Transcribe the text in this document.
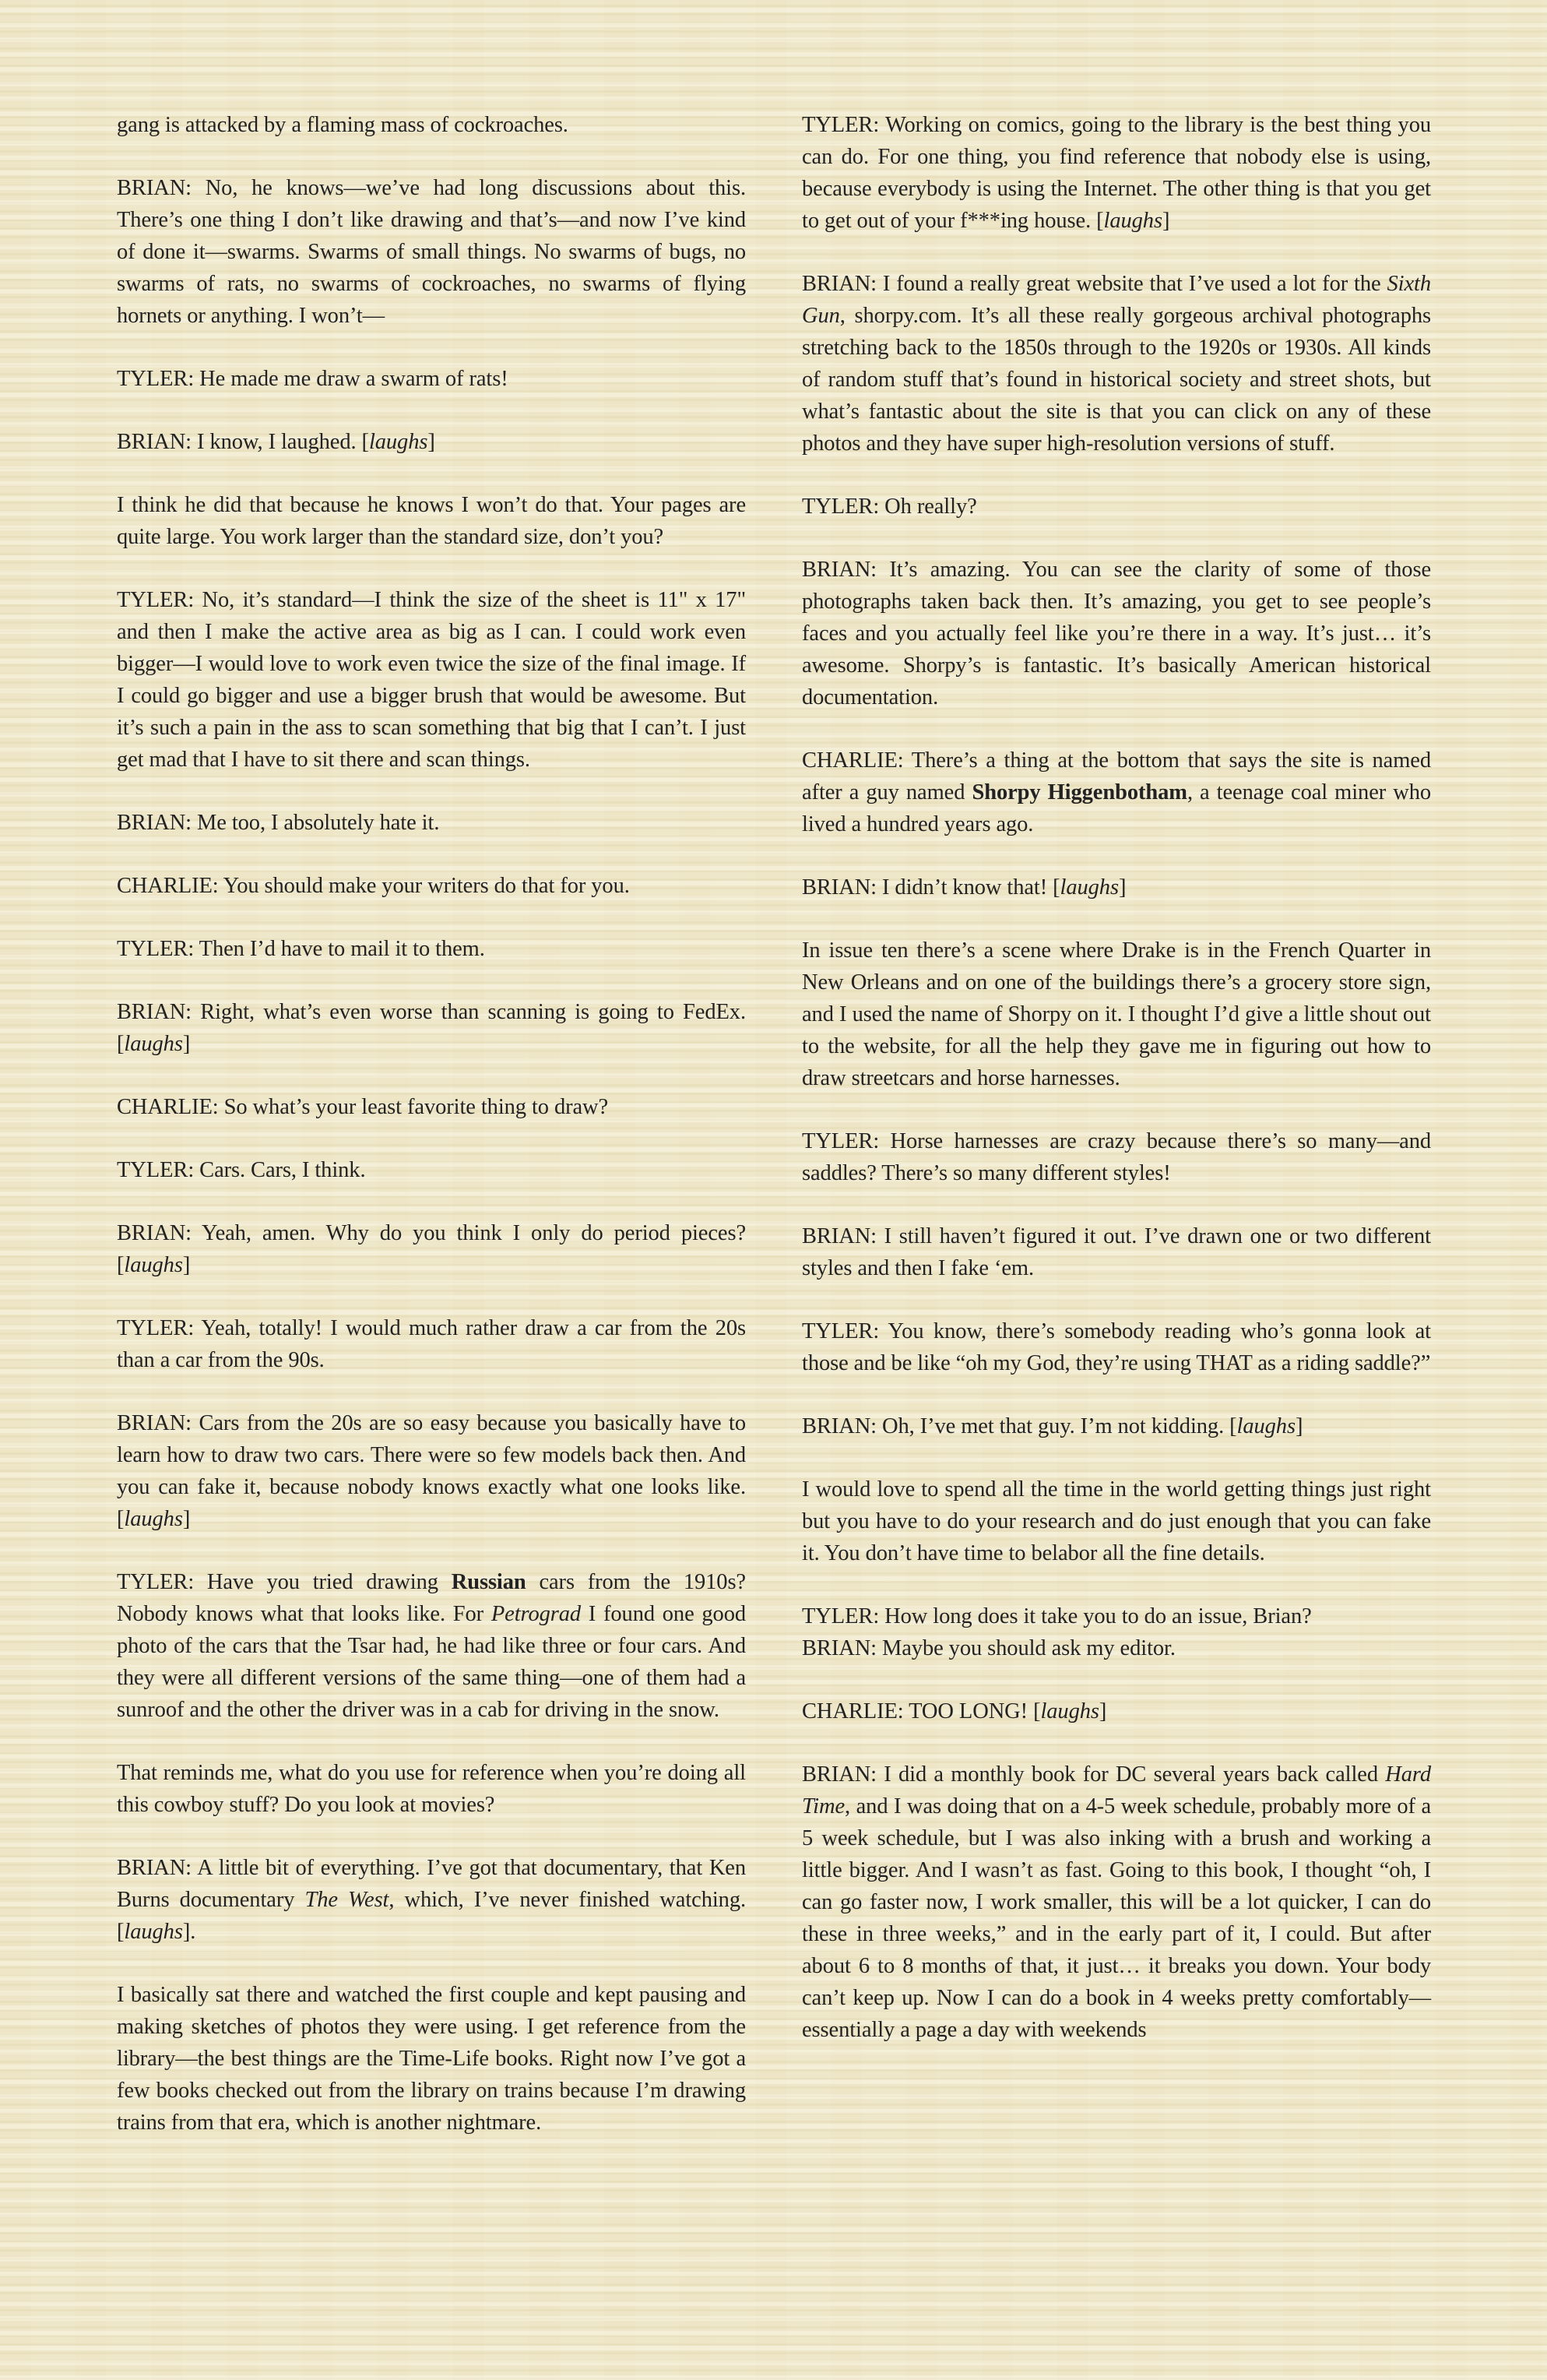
gang is attacked by a flaming mass of cockroaches.

BRIAN: No, he knows—we’ve had long discussions about this. There’s one thing I don’t like drawing and that’s—and now I’ve kind of done it—swarms. Swarms of small things. No swarms of bugs, no swarms of rats, no swarms of cockroaches, no swarms of flying hornets or anything. I won’t—

TYLER: He made me draw a swarm of rats!

BRIAN: I know, I laughed. [laughs]

I think he did that because he knows I won’t do that. Your pages are quite large. You work larger than the standard size, don’t you?

TYLER: No, it’s standard—I think the size of the sheet is 11" x 17" and then I make the active area as big as I can. I could work even bigger—I would love to work even twice the size of the final image. If I could go bigger and use a bigger brush that would be awesome. But it’s such a pain in the ass to scan something that big that I can’t. I just get mad that I have to sit there and scan things.

BRIAN: Me too, I absolutely hate it.

CHARLIE: You should make your writers do that for you.

TYLER: Then I’d have to mail it to them.

BRIAN: Right, what’s even worse than scanning is going to FedEx. [laughs]

CHARLIE: So what’s your least favorite thing to draw?

TYLER: Cars. Cars, I think.

BRIAN: Yeah, amen. Why do you think I only do period pieces? [laughs]

TYLER: Yeah, totally! I would much rather draw a car from the 20s than a car from the 90s.

BRIAN: Cars from the 20s are so easy because you basically have to learn how to draw two cars. There were so few models back then. And you can fake it, because nobody knows exactly what one looks like. [laughs]

TYLER: Have you tried drawing Russian cars from the 1910s? Nobody knows what that looks like. For Petrograd I found one good photo of the cars that the Tsar had, he had like three or four cars. And they were all different versions of the same thing—one of them had a sunroof and the other the driver was in a cab for driving in the snow.

That reminds me, what do you use for reference when you’re doing all this cowboy stuff? Do you look at movies?

BRIAN: A little bit of everything. I’ve got that documentary, that Ken Burns documentary The West, which, I’ve never finished watching. [laughs].

I basically sat there and watched the first couple and kept pausing and making sketches of photos they were using. I get reference from the library—the best things are the Time-Life books. Right now I’ve got a few books checked out from the library on trains because I’m drawing trains from that era, which is another nightmare.

TYLER: Working on comics, going to the library is the best thing you can do. For one thing, you find reference that nobody else is using, because everybody is using the Internet. The other thing is that you get to get out of your f***ing house. [laughs]

BRIAN: I found a really great website that I’ve used a lot for the Sixth Gun, shorpy.com. It’s all these really gorgeous archival photographs stretching back to the 1850s through to the 1920s or 1930s. All kinds of random stuff that’s found in historical society and street shots, but what’s fantastic about the site is that you can click on any of these photos and they have super high-resolution versions of stuff.

TYLER: Oh really?

BRIAN: It’s amazing. You can see the clarity of some of those photographs taken back then. It’s amazing, you get to see people’s faces and you actually feel like you’re there in a way. It’s just… it’s awesome. Shorpy’s is fantastic. It’s basically American historical documentation.

CHARLIE: There’s a thing at the bottom that says the site is named after a guy named Shorpy Higgenbotham, a teenage coal miner who lived a hundred years ago.

BRIAN: I didn’t know that! [laughs]

In issue ten there’s a scene where Drake is in the French Quarter in New Orleans and on one of the buildings there’s a grocery store sign, and I used the name of Shorpy on it. I thought I’d give a little shout out to the website, for all the help they gave me in figuring out how to draw streetcars and horse harnesses.

TYLER: Horse harnesses are crazy because there’s so many—and saddles? There’s so many different styles!

BRIAN: I still haven’t figured it out. I’ve drawn one or two different styles and then I fake ‘em.

TYLER: You know, there’s somebody reading who’s gonna look at those and be like “oh my God, they’re using THAT as a riding saddle?”

BRIAN: Oh, I’ve met that guy. I’m not kidding. [laughs]

I would love to spend all the time in the world getting things just right but you have to do your research and do just enough that you can fake it. You don’t have time to belabor all the fine details.

TYLER: How long does it take you to do an issue, Brian?

BRIAN: Maybe you should ask my editor.

CHARLIE: TOO LONG! [laughs]

BRIAN: I did a monthly book for DC several years back called Hard Time, and I was doing that on a 4-5 week schedule, probably more of a 5 week schedule, but I was also inking with a brush and working a little bigger. And I wasn’t as fast. Going to this book, I thought “oh, I can go faster now, I work smaller, this will be a lot quicker, I can do these in three weeks,” and in the early part of it, I could. But after about 6 to 8 months of that, it just… it breaks you down. Your body can’t keep up. Now I can do a book in 4 weeks pretty comfortably—essentially a page a day with weekends
